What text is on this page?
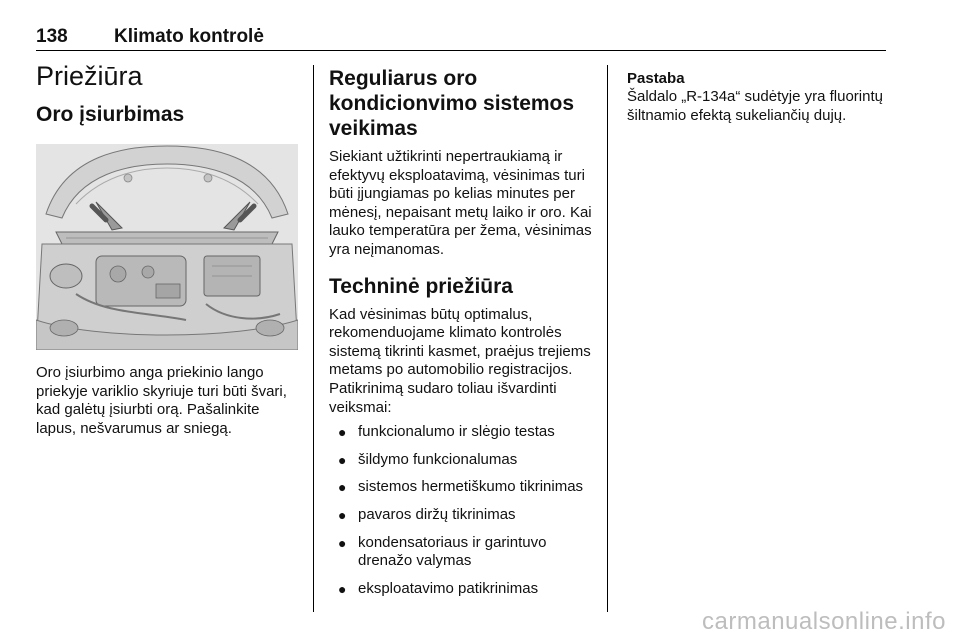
138 Klimato kontrolė
Priežiūra
Oro įsiurbimas

Oro įsiurbimo anga priekinio lango priekyje variklio skyriuje turi būti švari, kad galėtų įsiurbti orą. Pašalinkite lapus, nešvarumus ar sniegą.

Reguliarus oro kondicionvimo sistemos veikimas

Siekiant užtikrinti nepertraukiamą ir efektyvų eksploatavimą, vėsinimas turi būti įjungiamas po kelias minutes per mėnesį, nepaisant metų laiko ir oro. Kai lauko temperatūra per žema, vėsinimas yra neįmanomas.

Techninė priežiūra

Kad vėsinimas būtų optimalus, rekomenduojame klimato kontrolės sistemą tikrinti kasmet, praėjus trejiems metams po automobilio registracijos. Patikrinimą sudaro toliau išvardinti veiksmai:

● funkcionalumo ir slėgio testas
● šildymo funkcionalumas
● sistemos hermetiškumo tikrinimas
● pavaros diržų tikrinimas
● kondensatoriaus ir garintuvo drenažo valymas
● eksploatavimo patikrinimas
Pastaba

Šaldalo „R-134a“ sudėtyje yra fluorintų šiltnamio efektą sukeliančių dujų.

carmanualsonline.info
